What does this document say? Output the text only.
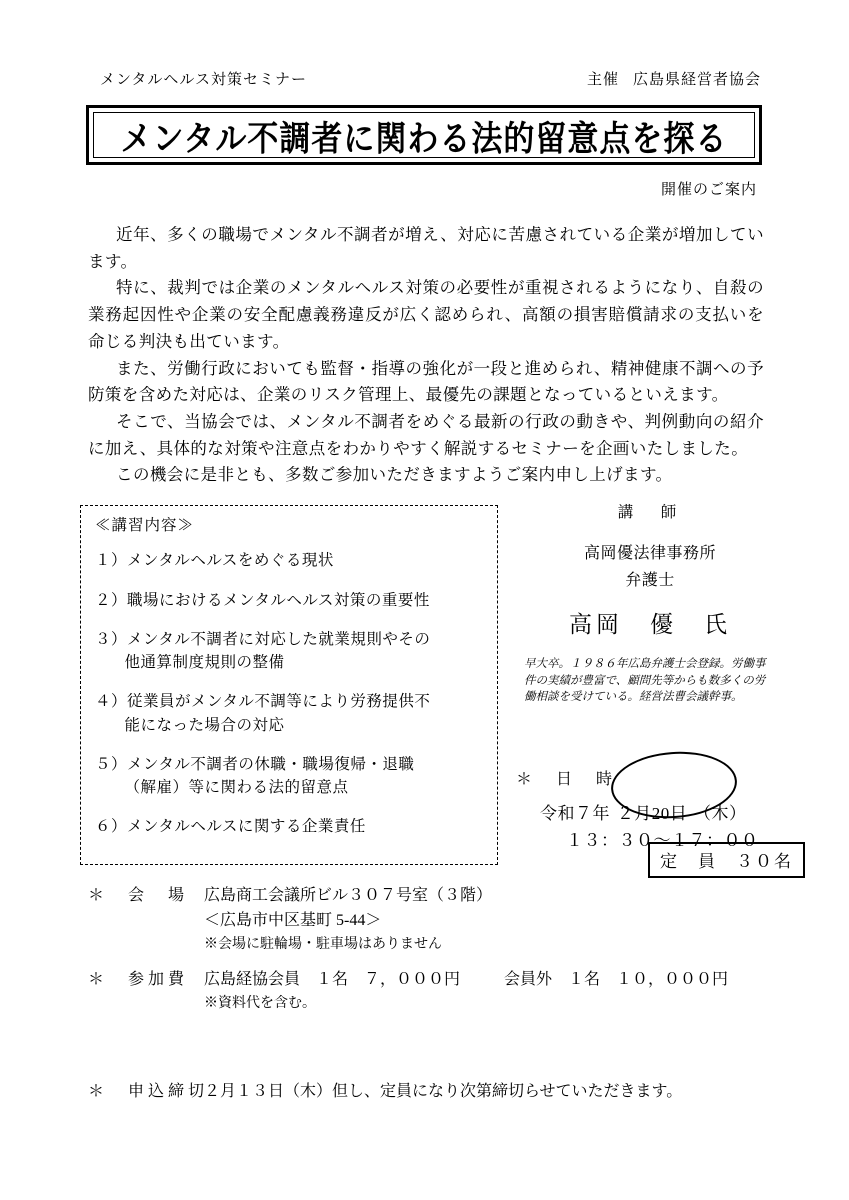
メンタルヘルス対策セミナー	主催 広島県経営者協会
メンタル不調者に関わる法的留意点を探る
開催のご案内

近年、多くの職場でメンタル不調者が増え、対応に苦慮されている企業が増加しています。

特に、裁判では企業のメンタルヘルス対策の必要性が重視されるようになり、自殺の業務起因性や企業の安全配慮義務違反が広く認められ、高額の損害賠償請求の支払いを命じる判決も出ています。

また、労働行政においても監督・指導の強化が一段と進められ、精神健康不調への予防策を含めた対応は、企業のリスク管理上、最優先の課題となっているといえます。

そこで、当協会では、メンタル不調者をめぐる最新の行政の動きや、判例動向の紹介に加え、具体的な対策や注意点をわかりやすく解説するセミナーを企画いたしました。

この機会に是非とも、多数ご参加いただきますようご案内申し上げます。

≪講習内容≫
１）メンタルヘルスをめぐる現状
２）職場におけるメンタルヘルス対策の重要性
３）メンタル不調者に対応した就業規則やその
他通算制度規則の整備
４）従業員がメンタル不調等により労務提供不
能になった場合の対応
５）メンタル不調者の休職・職場復帰・退職
（解雇）等に関わる法的留意点
６）メンタルヘルスに関する企業責任
講　師
高岡優法律事務所
弁護士
高岡　優　氏
早大卒。１９８６年広島弁護士会登録。労働事件の実績が豊富で、顧問先等からも数多くの労働相談を受けている。経営法曹会議幹事。
＊　日　時
令和７年 ２月20日 （木）
１３：３０～１７：００
定　員　３０名
＊　会　場 広島商工会議所ビル３０７号室（３階）
＜広島市中区基町 5-44＞
※会場に駐輪場・駐車場はありません
＊　参加費 広島経協会員　１名　７，０００円	会員外　１名　１０，０００円
※資料代を含む。
＊　申込締切
２月１３日（木）但し、定員になり次第締切らせていただきます。
